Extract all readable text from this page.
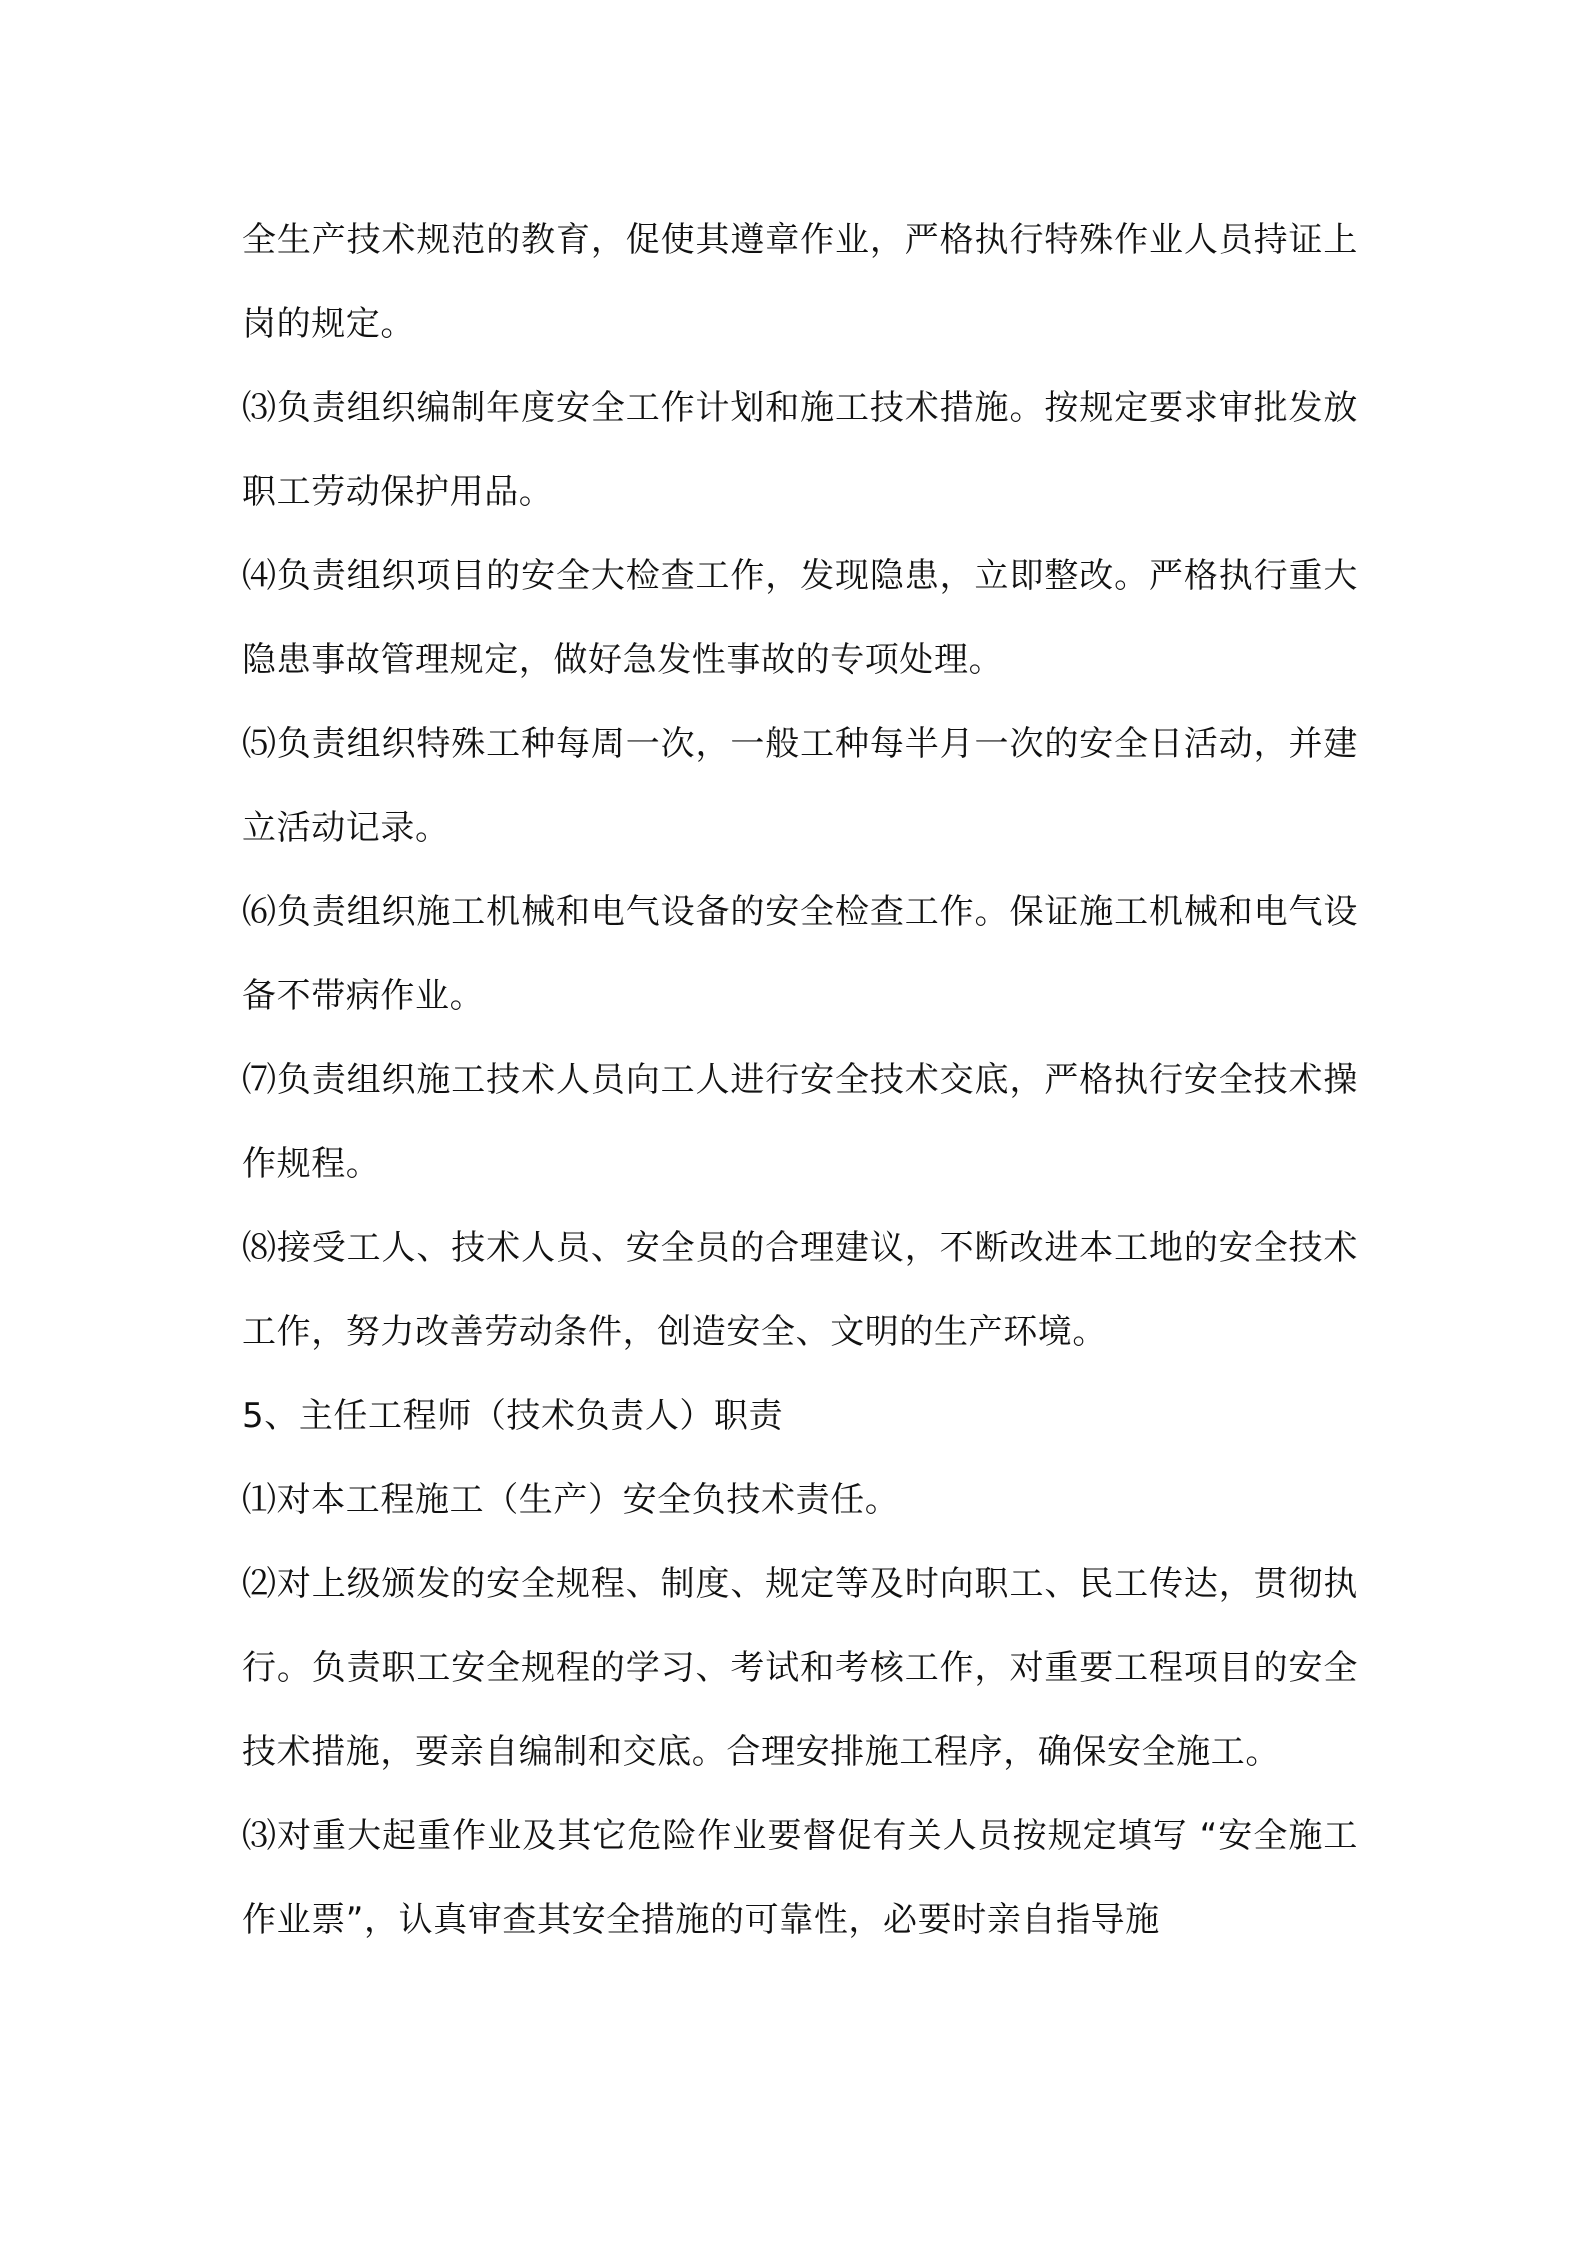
全生产技术规范的教育，促使其遵章作业，严格执行特殊作业人员持证上岗的规定。

⑶负责组织编制年度安全工作计划和施工技术措施。按规定要求审批发放职工劳动保护用品。

⑷负责组织项目的安全大检查工作，发现隐患，立即整改。严格执行重大隐患事故管理规定，做好急发性事故的专项处理。

⑸负责组织特殊工种每周一次，一般工种每半月一次的安全日活动，并建立活动记录。

⑹负责组织施工机械和电气设备的安全检查工作。保证施工机械和电气设备不带病作业。

⑺负责组织施工技术人员向工人进行安全技术交底，严格执行安全技术操作规程。

⑻接受工人、技术人员、安全员的合理建议，不断改进本工地的安全技术工作，努力改善劳动条件，创造安全、文明的生产环境。

5、主任工程师（技术负责人）职责

⑴对本工程施工（生产）安全负技术责任。

⑵对上级颁发的安全规程、制度、规定等及时向职工、民工传达，贯彻执行。负责职工安全规程的学习、考试和考核工作，对重要工程项目的安全技术措施，要亲自编制和交底。合理安排施工程序，确保安全施工。

⑶对重大起重作业及其它危险作业要督促有关人员按规定填写 “安全施工作业票”，认真审查其安全措施的可靠性，必要时亲自指导施
